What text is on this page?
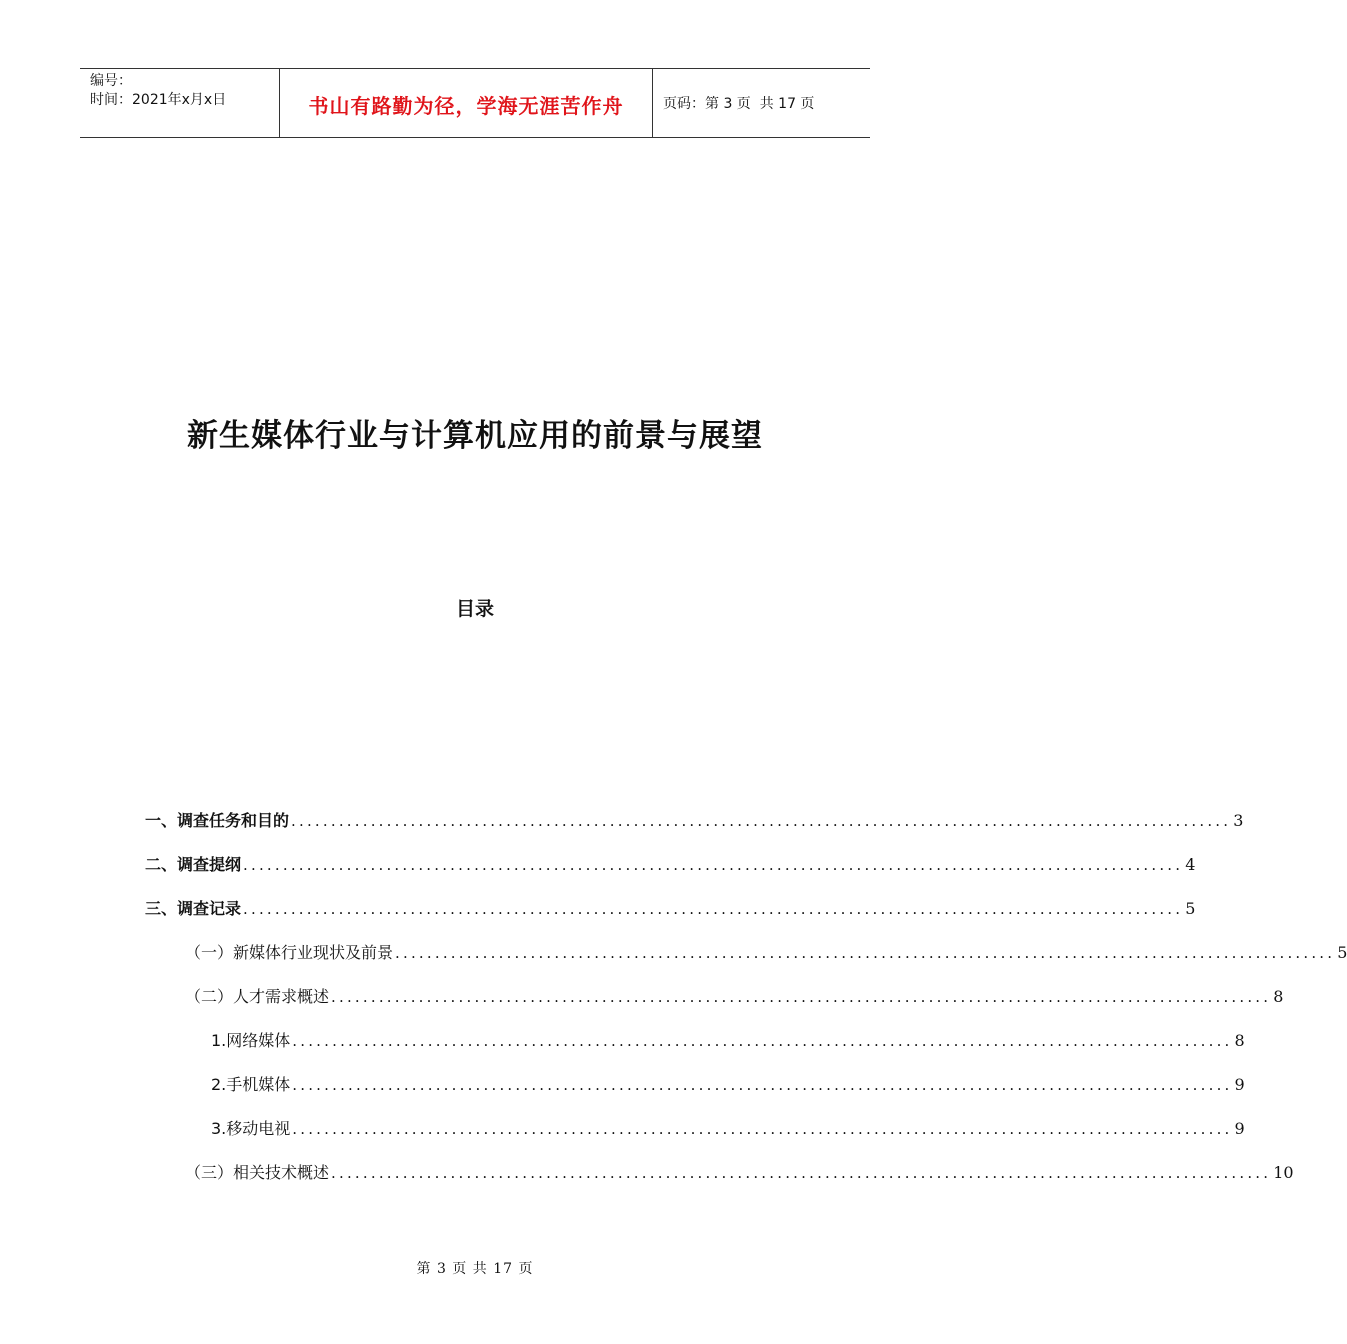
编号：
时间：2021年x月x日	书山有路勤为径，学海无涯苦作舟	页码：第 3 页  共 17 页
新生媒体行业与计算机应用的前景与展望
目录
一、调查任务和目的 ...................................................................................................................... 3
二、调查提纲 ...................................................................................................................... 4
三、调查记录 ...................................................................................................................... 5
（一）新媒体行业现状及前景 ...................................................................................................................... 5
（二）人才需求概述 ...................................................................................................................... 8
1.网络媒体 ...................................................................................................................... 8
2.手机媒体 ...................................................................................................................... 9
3.移动电视 ...................................................................................................................... 9
（三）相关技术概述 ...................................................................................................................... 10
第 3 页 共 17 页
